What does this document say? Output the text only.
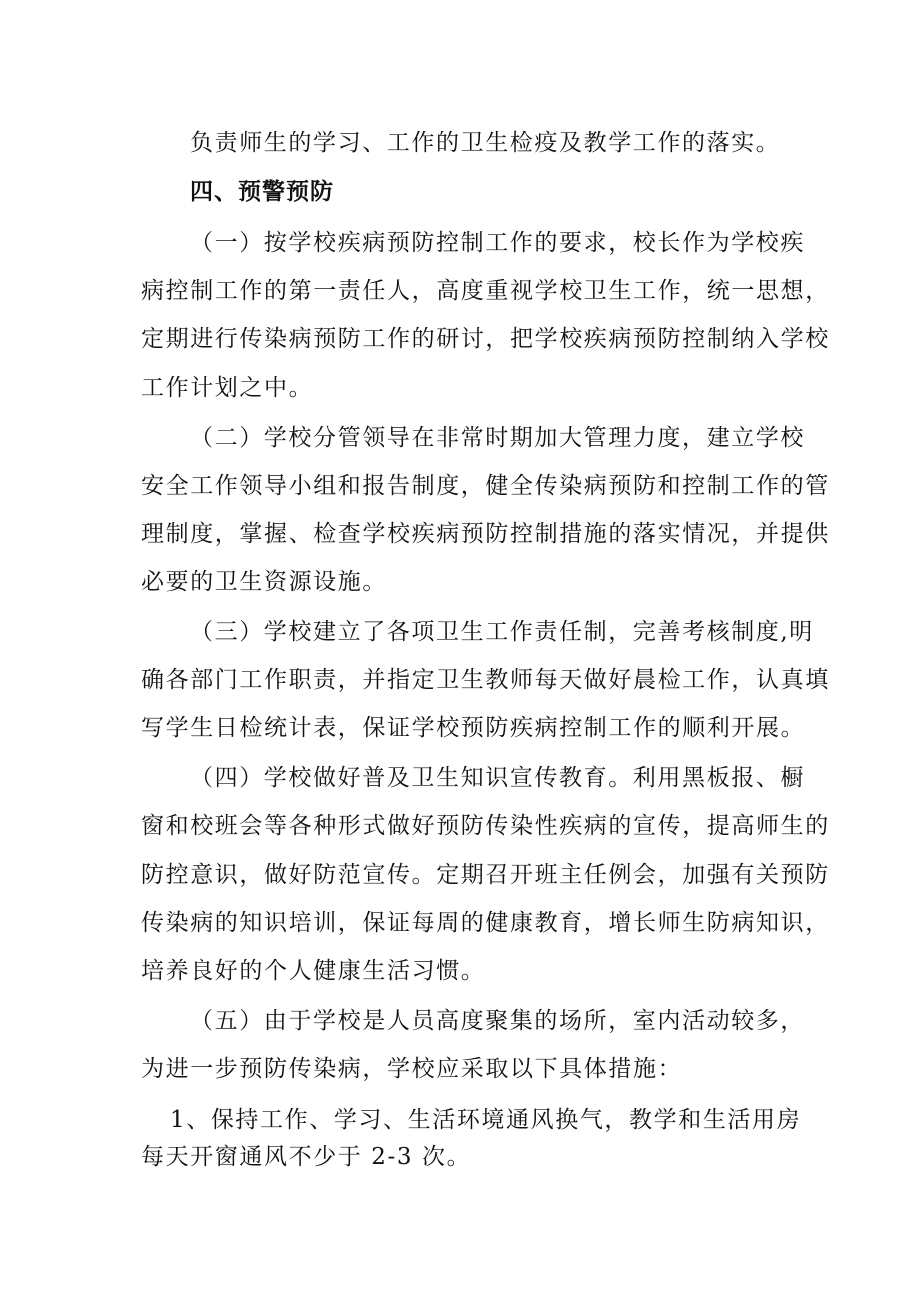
负责师生的学习、工作的卫生检疫及教学工作的落实。
四、预警预防
（一）按学校疾病预防控制工作的要求，校长作为学校疾
病控制工作的第一责任人，高度重视学校卫生工作，统一思想，
定期进行传染病预防工作的研讨，把学校疾病预防控制纳入学校
工作计划之中。
（二）学校分管领导在非常时期加大管理力度，建立学校
安全工作领导小组和报告制度，健全传染病预防和控制工作的管
理制度，掌握、检查学校疾病预防控制措施的落实情况，并提供
必要的卫生资源设施。
（三）学校建立了各项卫生工作责任制，完善考核制度,明
确各部门工作职责，并指定卫生教师每天做好晨检工作，认真填
写学生日检统计表，保证学校预防疾病控制工作的顺利开展。
（四）学校做好普及卫生知识宣传教育。利用黑板报、橱
窗和校班会等各种形式做好预防传染性疾病的宣传，提高师生的
防控意识，做好防范宣传。定期召开班主任例会，加强有关预防
传染病的知识培训，保证每周的健康教育，增长师生防病知识，
培养良好的个人健康生活习惯。
（五）由于学校是人员高度聚集的场所，室内活动较多，
为进一步预防传染病，学校应采取以下具体措施：
1、保持工作、学习、生活环境通风换气，教学和生活用房
每天开窗通风不少于 2-3 次。
